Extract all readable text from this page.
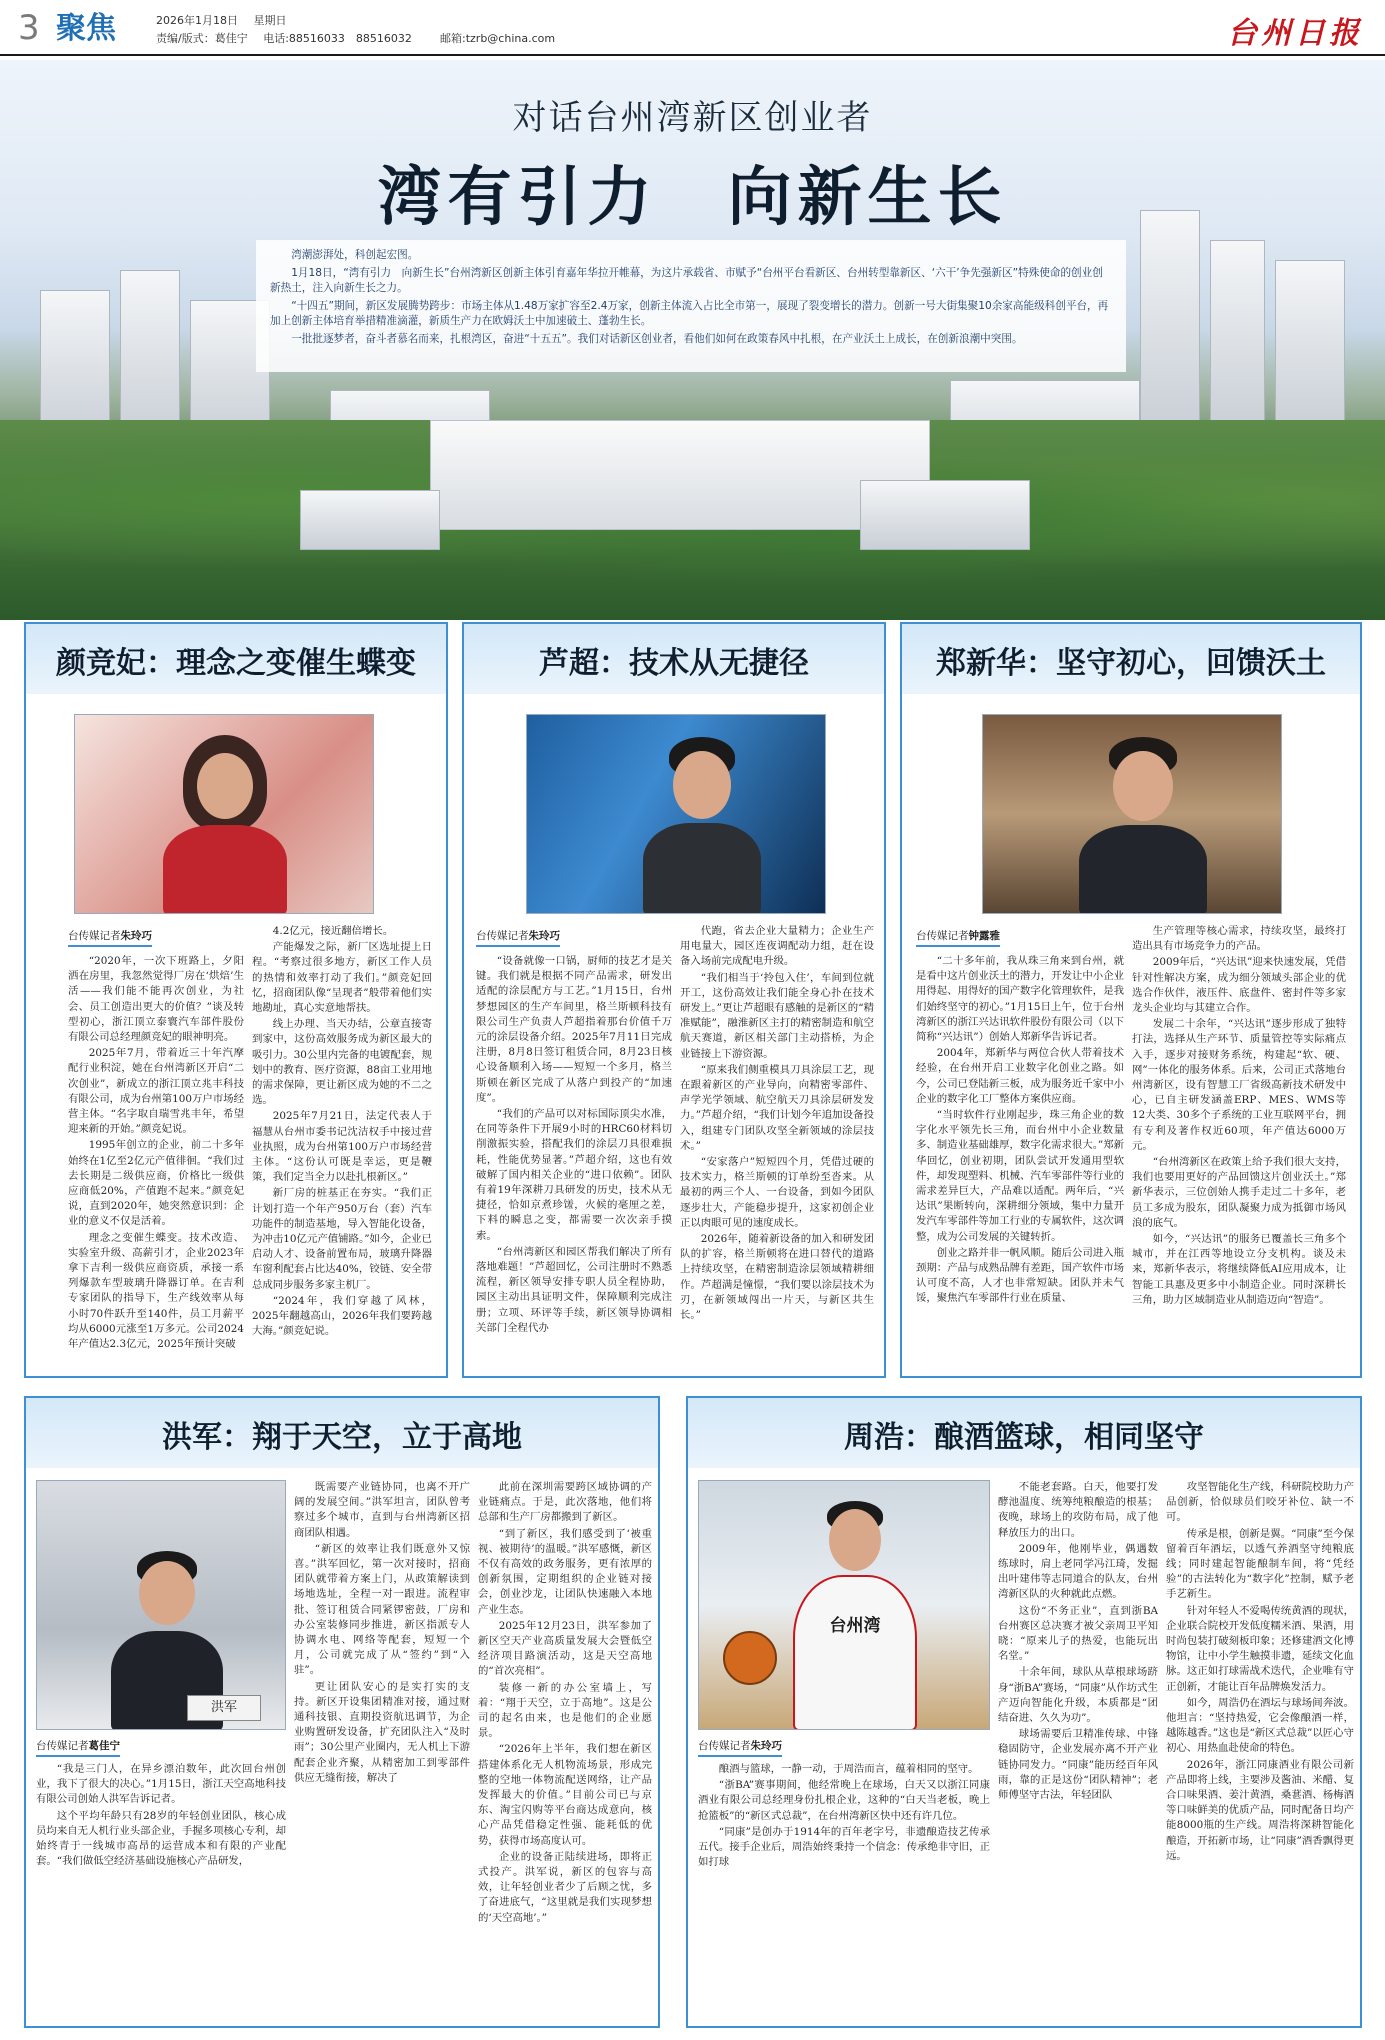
3 聚焦	2026年1月18日 星期日
责编/版式：葛佳宁 电话:88516033　88516032	邮箱:tzrb@china.com	台州日报
对话台州湾新区创业者
湾有引力　向新生长

湾潮澎湃处，科创起宏图。

1月18日，“湾有引力　向新生长”台州湾新区创新主体引育嘉年华拉开帷幕，为这片承载省、市赋予“台州平台看新区、台州转型靠新区、‘六干’争先强新区”特殊使命的创业创新热土，注入向新生长之力。

“十四五”期间，新区发展腾势跨步：市场主体从1.48万家扩容至2.4万家，创新主体流入占比全市第一，展现了裂变增长的潜力。创新一号大街集聚10余家高能级科创平台，再加上创新主体培育举措精准滴灌，新质生产力在欧姆沃土中加速破土、蓬勃生长。

一批批逐梦者，奋斗者慕名而来，扎根湾区，奋进“十五五”。我们对话新区创业者，看他们如何在政策春风中扎根，在产业沃土上成长，在创新浪潮中突围。

颜竞妃：理念之变催生蝶变
台传媒记者朱玲巧

“2020年，一次下班路上，夕阳洒在房里，我忽然觉得厂房在‘烘焙’生活——我们能不能再次创业，为社会、员工创造出更大的价值？”谈及转型初心，浙江顶立泰寰汽车部件股份有限公司总经理颜竞妃的眼神明亮。

2025年7月，带着近三十年汽摩配行业积淀，她在台州湾新区开启“二次创业”，新成立的浙江顶立兆丰科技有限公司，成为台州第100万户市场经营主体。“名字取自瑞雪兆丰年，希望迎来新的开始。”颜竞妃说。

1995年创立的企业，前二十多年始终在1亿至2亿元产值徘徊。“我们过去长期是二级供应商，价格比一级供应商低20%，产值跑不起来。”颜竞妃说，直到2020年，她突然意识到：企业的意义不仅是活着。

理念之变催生蝶变。技术改造、实验室升级、高薪引才，企业2023年拿下吉利一级供应商资质，承接一系列爆款车型玻璃升降器订单。在吉利专家团队的指导下，生产线效率从每小时70件跃升至140件，员工月薪平均从6000元涨至1万多元。公司2024年产值达2.3亿元，2025年预计突破

4.2亿元，接近翻倍增长。

产能爆发之际，新厂区选址提上日程。“考察过很多地方，新区工作人员的热情和效率打动了我们。”颜竞妃回忆，招商团队像“呈现者”般带着他们实地勘址，真心实意地帮扶。

线上办理、当天办结，公章直接寄到家中，这份高效服务成为新区最大的吸引力。30公里内完备的电镀配套，规划中的教育、医疗资源，88亩工业用地的需求保障，更让新区成为她的不二之选。

2025年7月21日，法定代表人于福慧从台州市委书记沈洁权手中接过营业执照，成为台州第100万户市场经营主体。“这份认可既是幸运，更是鞭策，我们定当全力以赴扎根新区。”

新厂房的桩基正在夯实。“我们正计划打造一个年产950万台（套）汽车功能件的制造基地，导入智能化设备，为冲击10亿元产值铺路。”如今，企业已启动人才、设备前置布局，玻璃升降器车窗利配套占比达40%，铰链、安全带总成同步服务多家主机厂。

“2024年，我们穿越了风林，2025年翻越高山，2026年我们要跨越大海。”颜竞妃说。

芦超：技术从无捷径
台传媒记者朱玲巧

“设备就像一口锅，厨师的技艺才是关键。我们就是根据不同产品需求，研发出适配的涂层配方与工艺。”1月15日，台州梦想园区的生产车间里，格兰斯顿科技有限公司生产负责人芦超指着那台价值千万元的涂层设备介绍。2025年7月11日完成注册，8月8日签订租赁合同，8月23日核心设备顺利入场——短短一个多月，格兰斯顿在新区完成了从落户到投产的“加速度”。

“我们的产品可以对标国际顶尖水准，在同等条件下开展9小时的HRC60材料切削激振实验，搭配我们的涂层刀具很难损耗，性能优势显著。”芦超介绍，这也有效破解了国内相关企业的“进口依赖”。团队有着19年深耕刀具研发的历史，技术从无捷径，恰如京煮珍馐，火候的毫厘之差，下料的瞬息之变，都需要一次次亲手摸索。

“台州湾新区和园区帮我们解决了所有落地难题！”芦超回忆，公司注册时不熟悉流程，新区领导安排专职人员全程协助，园区主动出具证明文件，保障顺利完成注册；立项、环评等手续，新区领导协调相关部门全程代办

代跑，省去企业大量精力；企业生产用电量大，园区连夜调配动力组，赶在设备入场前完成配电升级。

“我们相当于‘拎包入住’，车间到位就开工，这份高效让我们能全身心扑在技术研发上。”更让芦超眼有感触的是新区的“精准赋能”，融淮新区主打的精密制造和航空航天赛道，新区相关部门主动搭桥，为企业链接上下游资源。

“原来我们侧重模具刀具涂层工艺，现在跟着新区的产业导向，向精密零部件、声学光学领域、航空航天刀具涂层研发发力。”芦超介绍，“我们计划今年追加设备投入，组建专门团队攻坚全新领域的涂层技术。”

“安家落户”短短四个月，凭借过硬的技术实力，格兰斯顿的订单纷至沓来。从最初的两三个人、一台设备，到如今团队逐步壮大，产能稳步提升，这家初创企业正以肉眼可见的速度成长。

2026年，随着新设备的加入和研发团队的扩容，格兰斯顿将在进口替代的道路上持续攻坚，在精密制造涂层领域精耕细作。芦超满是憧憬，“我们要以涂层技术为刃，在新领域闯出一片天，与新区共生长。”

郑新华：坚守初心，回馈沃土
台传媒记者钟露雅

“二十多年前，我从珠三角来到台州，就是看中这片创业沃土的潜力，开发让中小企业用得起、用得好的国产数字化管理软件，是我们始终坚守的初心。”1月15日上午，位于台州湾新区的浙江兴达讯软件股份有限公司（以下简称“兴达讯”）创始人郑新华告诉记者。

2004年，郑新华与两位合伙人带着技术经验，在台州开启工业数字化创业之路。如今，公司已登陆新三板，成为服务近千家中小企业的数字化工厂整体方案供应商。

“当时软件行业刚起步，珠三角企业的数字化水平领先长三角，而台州中小企业数量多、制造业基础雄厚，数字化需求很大。”郑新华回忆，创业初期，团队尝试开发通用型软件，却发现塑料、机械、汽车零部件等行业的需求差异巨大，产品难以适配。两年后，“兴达讯”果断转向，深耕细分领域，集中力量开发汽车零部件等加工行业的专属软件，这次调整，成为公司发展的关键转折。

创业之路并非一帆风顺。随后公司进入瓶颈期：产品与成熟品牌有差距，国产软件市场认可度不高，人才也非常短缺。团队并未气馁，聚焦汽车零部件行业在质量、

生产管理等核心需求，持续攻坚，最终打造出具有市场竞争力的产品。

2009年后，“兴达讯”迎来快速发展，凭借针对性解决方案，成为细分领域头部企业的优选合作伙伴，液压件、底盘件、密封件等多家龙头企业均与其建立合作。

发展二十余年，“兴达讯”逐步形成了独特打法，选择从生产环节、质量管控等实际痛点入手，逐步对接财务系统，构建起“软、硬、网”一体化的服务体系。后来，公司正式落地台州湾新区，设有智慧工厂省级高新技术研发中心，已自主研发涵盖ERP、MES、WMS等12大类、30多个子系统的工业互联网平台，拥有专利及著作权近60项，年产值达6000万元。

“台州湾新区在政策上给予我们很大支持，我们也要用更好的产品回馈这片创业沃土。”郑新华表示，三位创始人携手走过二十多年，老员工多成为股东，团队凝聚力成为抵御市场风浪的底气。

如今，“兴达讯”的服务已覆盖长三角多个城市，并在江西等地设立分支机构。谈及未来，郑新华表示，将继续降低AI应用成本，让智能工具惠及更多中小制造企业。同时深耕长三角，助力区域制造业从制造迈向“智造”。

洪军：翔于天空，立于高地
洪军
台传媒记者葛佳宁

“我是三门人，在异乡漂泊数年，此次回台州创业，我下了很大的决心。”1月15日，浙江天空高地科技有限公司创始人洪军告诉记者。

这个平均年龄只有28岁的年轻创业团队，核心成员均来自无人机行业头部企业，手握多项核心专利，却始终青于一线城市高昂的运营成本和有限的产业配套。“我们做低空经济基础设施核心产品研发，

既需要产业链协同，也离不开广阔的发展空间。”洪军坦言，团队曾考察过多个城市，直到与台州湾新区招商团队相遇。

“新区的效率让我们既意外又惊喜。”洪军回忆，第一次对接时，招商团队就带着方案上门，从政策解读到场地选址，全程一对一跟进。流程审批、签订租赁合同紧锣密鼓，厂房和办公室装修同步推进，新区指派专人协调水电、网络等配套，短短一个月，公司就完成了从“签约”到“入驻”。

更让团队安心的是实打实的支持。新区开设集团精准对接，通过财通科技银、直期投资航迅调节，为企业购置研发设备，扩充团队注入“及时雨”；30公里产业圈内，无人机上下游配套企业齐聚，从精密加工到零部件供应无缝衔接，解决了

此前在深圳需要跨区域协调的产业链痛点。于是，此次落地，他们将总部和生产厂房都搬到了新区。

“到了新区，我们感受到了‘被重视、被期待’的温暖。”洪军感慨，新区不仅有高效的政务服务，更有浓厚的创新氛围，定期组织的企业链对接会，创业沙龙，让团队快速融入本地产业生态。

2025年12月23日，洪军参加了新区空天产业高质量发展大会暨低空经济项目路演活动，这是天空高地的“首次亮相”。

装修一新的办公室墙上，写着：“翔于天空，立于高地”。这是公司的起名由来，也是他们的企业愿景。

“2026年上半年，我们想在新区搭建体系化无人机物流场景，形成完整的空地一体物流配送网络，让产品发挥最大的价值。”目前公司已与京东、淘宝闪购等平台商达成意向，核心产品凭借稳定性强、能耗低的优势，获得市场高度认可。

企业的设备正陆续进场，即将正式投产。洪军说，新区的包容与高效，让年轻创业者少了后顾之忧，多了奋进底气，“这里就是我们实现梦想的‘天空高地’。”

周浩：酿酒篮球，相同坚守
台州湾
台传媒记者朱玲巧

酿酒与篮球，一静一动，于周浩而言，蕴着相同的坚守。

“浙BA”赛事期间，他经常晚上在球场，白天又以浙江同康酒业有限公司总经理身份扎根企业，这种的“白天当老板，晚上抢篮板”的“新区式总裁”，在台州湾新区快中还有许几位。

“同康”是创办于1914年的百年老字号，非遗酿造技艺传承五代。接手企业后，周浩始终秉持一个信念：传承绝非守旧，正如打球

不能老套路。白天，他要打发酵池温度、统筹纯粮酿造的根基；夜晚，球场上的攻防布局，成了他释放压力的出口。

2009年，他刚毕业，偶遇数练球时，肩上老同学冯江琦，发掘出叶建伟等志同道合的队友，台州湾新区队的火种就此点燃。

这份“不务正业”，直到浙BA台州赛区总决赛才被父亲周卫平知晓：“原来儿子的热爱，也能玩出名堂。”

十余年间，球队从草根球场跻身“浙BA”赛场，“同康”从作坊式生产迈向智能化升级，本质都是“团结奋进、久久为功”。

球场需要后卫精准传球、中锋稳固防守，企业发展亦离不开产业链协同发力。“同康”能历经百年风雨，靠的正是这份“团队精神”；老师傅坚守古法，年轻团队

攻坚智能化生产线，科研院校助力产品创新，恰似球员们咬牙补位、缺一不可。

传承是根，创新是翼。“同康”至今保留着百年酒坛，以透气养酒坚守纯粮底线；同时建起智能酿制车间，将“凭经验”的古法转化为“数字化”控制，赋予老手艺新生。

针对年轻人不爱喝传统黄酒的现状，企业联合院校开发低度糯米酒、果酒，用时尚包装打破刻板印象；还修建酒文化博物馆，让中小学生触摸非遗，延续文化血脉。这正如打球需战术迭代，企业唯有守正创新，才能让百年品牌焕发活力。

如今，周浩仍在酒坛与球场间奔波。他坦言：“坚持热爱，它会像酿酒一样，越陈越香。”这也是“新区式总裁”以匠心守初心、用热血赴使命的特色。

2026年，浙江同康酒业有限公司新产品即将上线，主要涉及酱油、米醋、复合口味果酒、姜汁黄酒，桑葚酒、杨梅酒等口味鲜美的优质产品，同时配备日均产能8000瓶的生产线。周浩将深耕智能化酿造，开拓新市场，让“同康”酒香飘得更远。
